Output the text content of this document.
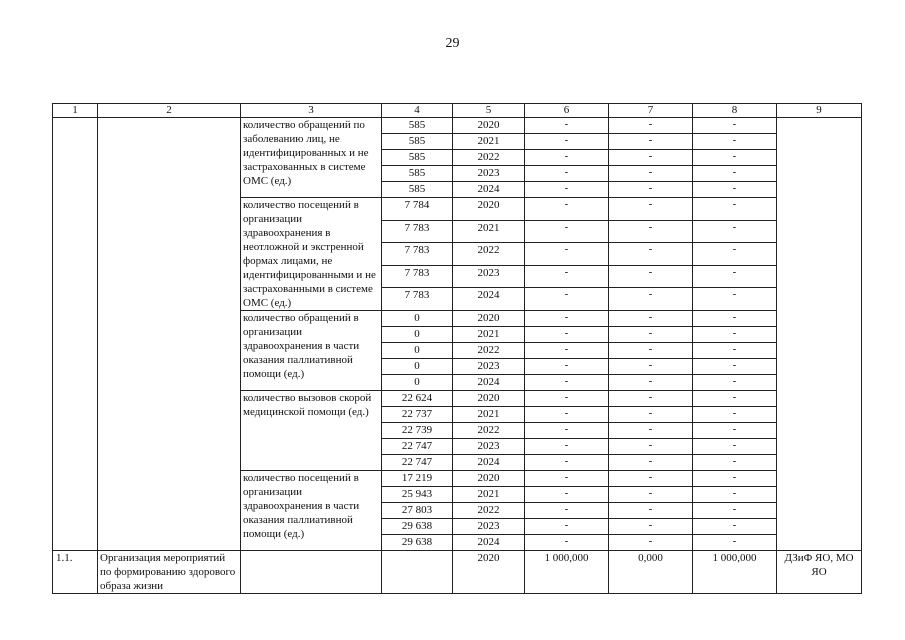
29
1	2	3	4	5	6	7	8	9
		количество обращений по заболеванию лиц, не идентифицированных и не застрахованных в системе ОМС (ед.)	585	2020	-	-	-	
			585	2021	-	-	-	
			585	2022	-	-	-	
			585	2023	-	-	-	
			585	2024	-	-	-	
		количество посещений в организации здравоохранения в неотложной и экстренной формах лицами, не идентифицированными и не застрахованными в системе ОМС (ед.)	7 784	2020	-	-	-	
			7 783	2021	-	-	-	
			7 783	2022	-	-	-	
			7 783	2023	-	-	-	
			7 783	2024	-	-	-	
		количество обращений в организации здравоохранения в части оказания паллиативной помощи (ед.)	0	2020	-	-	-	
			0	2021	-	-	-	
			0	2022	-	-	-	
			0	2023	-	-	-	
			0	2024	-	-	-	
		количество вызовов скорой медицинской помощи (ед.)	22 624	2020	-	-	-	
			22 737	2021	-	-	-	
			22 739	2022	-	-	-	
			22 747	2023	-	-	-	
			22 747	2024	-	-	-	
		количество посещений в организации здравоохранения в части оказания паллиативной помощи (ед.)	17 219	2020	-	-	-	
			25 943	2021	-	-	-	
			27 803	2022	-	-	-	
			29 638	2023	-	-	-	
			29 638	2024	-	-	-	
1.1.	Организация мероприятий по формированию здорового образа жизни			2020	1 000,000	0,000	1 000,000	ДЗиФ ЯО, МО ЯО
